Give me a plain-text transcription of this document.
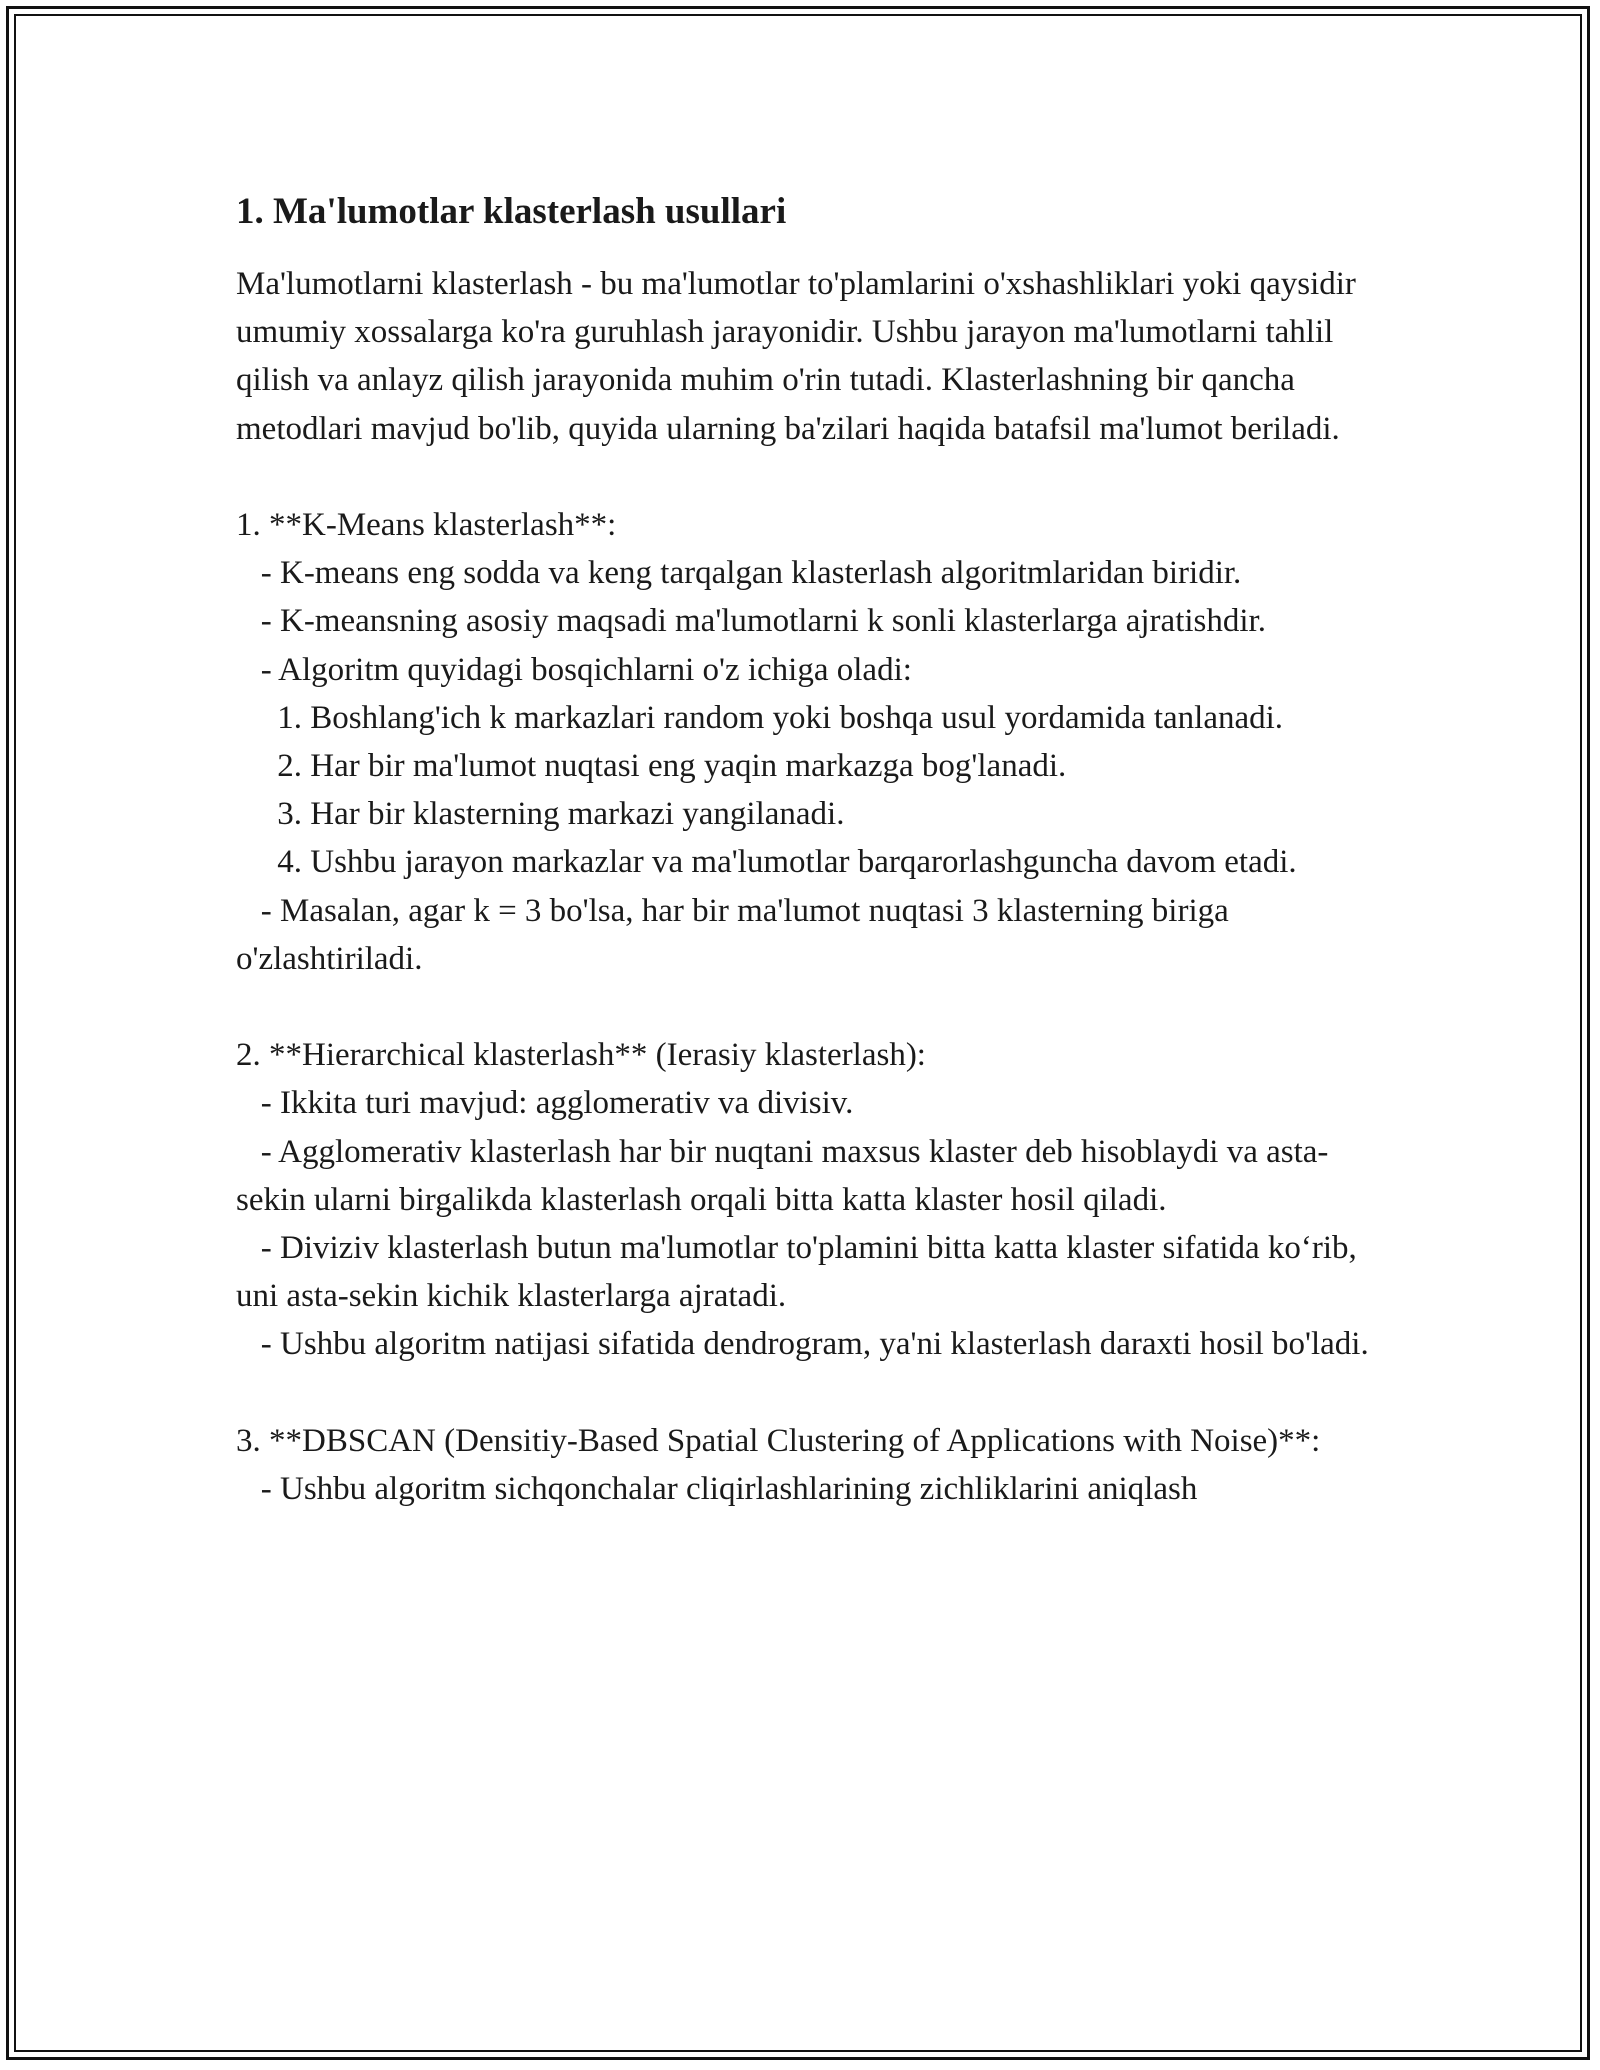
1. Ma'lumotlar klasterlash usullari

Ma'lumotlarni klasterlash - bu ma'lumotlar to'plamlarini o'xshashliklari yoki qaysidir umumiy xossalarga ko'ra guruhlash jarayonidir. Ushbu jarayon ma'lumotlarni tahlil qilish va anlayz qilish jarayonida muhim o'rin tutadi. Klasterlashning bir qancha metodlari mavjud bo'lib, quyida ularning ba'zilari haqida batafsil ma'lumot beriladi.

1. **K-Means klasterlash**:

- K-means eng sodda va keng tarqalgan klasterlash algoritmlaridan biridir.

- K-meansning asosiy maqsadi ma'lumotlarni k sonli klasterlarga ajratishdir.

- Algoritm quyidagi bosqichlarni o'z ichiga oladi:

1. Boshlang'ich k markazlari random yoki boshqa usul yordamida tanlanadi.

2. Har bir ma'lumot nuqtasi eng yaqin markazga bog'lanadi.

3. Har bir klasterning markazi yangilanadi.

4. Ushbu jarayon markazlar va ma'lumotlar barqarorlashguncha davom etadi.

- Masalan, agar k = 3 bo'lsa, har bir ma'lumot nuqtasi 3 klasterning biriga o'zlashtiriladi.

2. **Hierarchical klasterlash** (Ierasiy klasterlash):

- Ikkita turi mavjud: agglomerativ va divisiv.

- Agglomerativ klasterlash har bir nuqtani maxsus klaster deb hisoblaydi va asta-sekin ularni birgalikda klasterlash orqali bitta katta klaster hosil qiladi.

- Diviziv klasterlash butun ma'lumotlar to'plamini bitta katta klaster sifatida ko‘rib, uni asta-sekin kichik klasterlarga ajratadi.

- Ushbu algoritm natijasi sifatida dendrogram, ya'ni klasterlash daraxti hosil bo'ladi.

3. **DBSCAN (Densitiy-Based Spatial Clustering of Applications with Noise)**:

- Ushbu algoritm sichqonchalar cliqirlashlarining zichliklarini aniqlash
